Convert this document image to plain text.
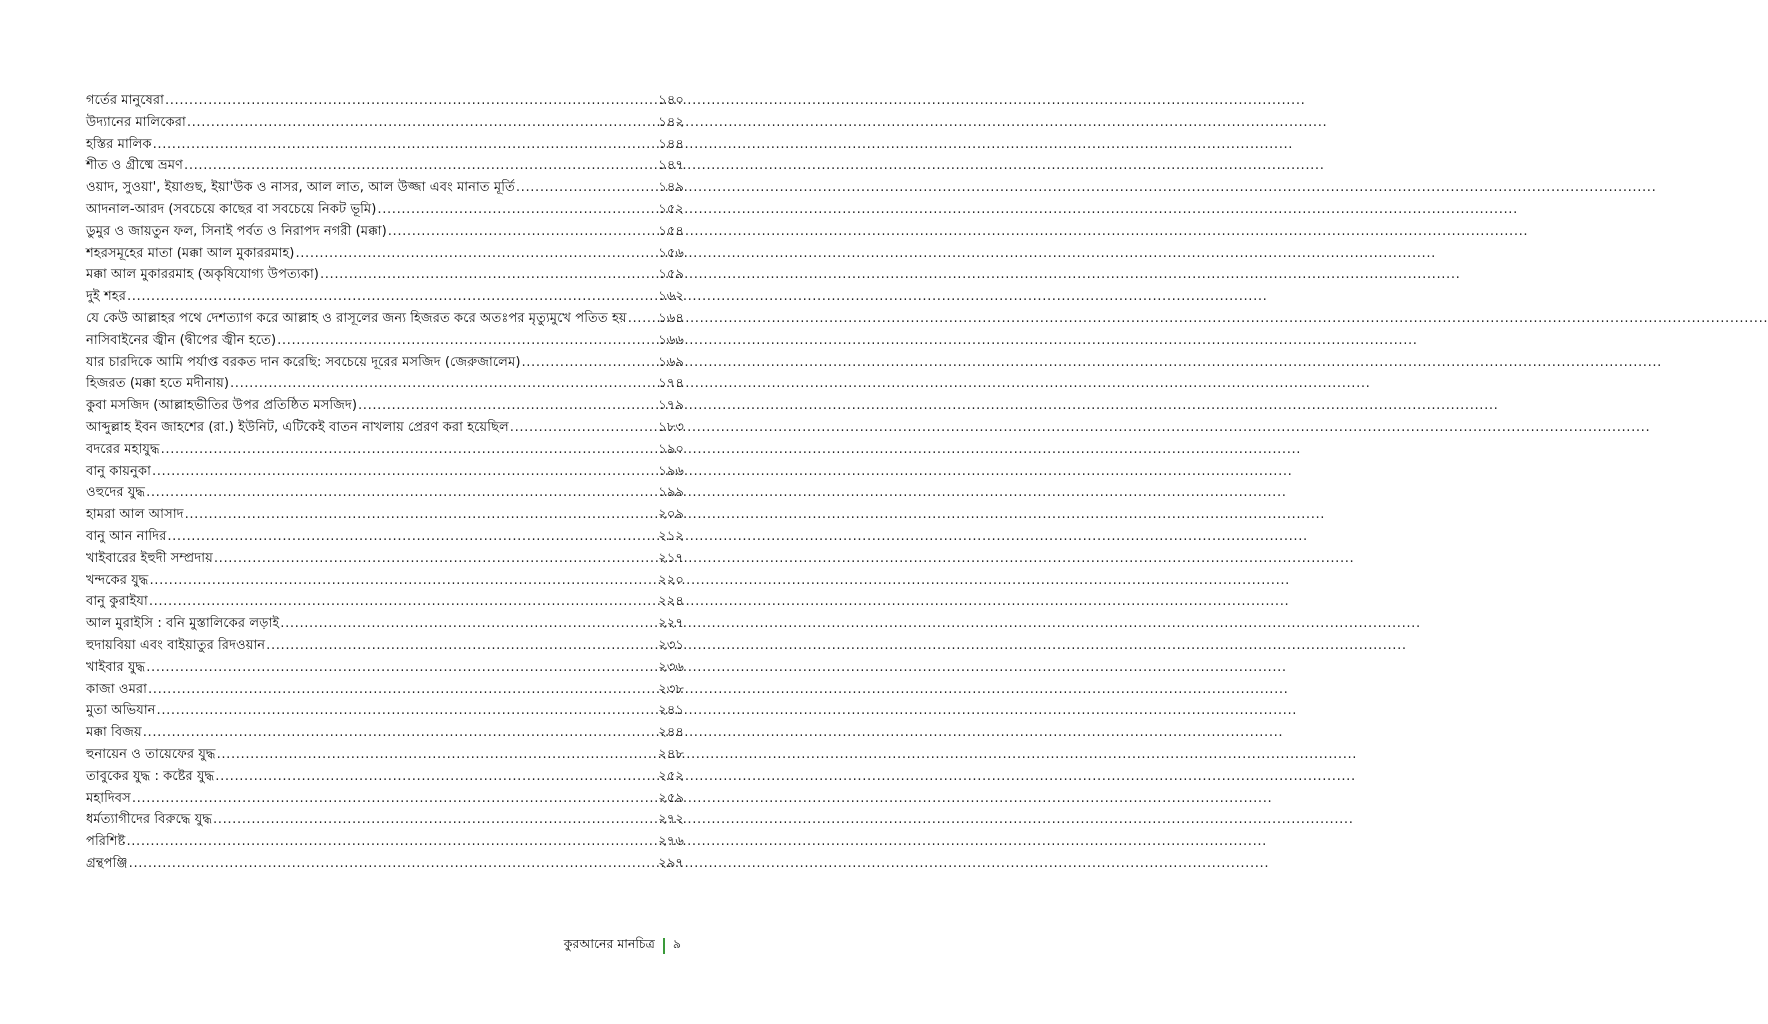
গর্তের মানুষেরা .....	১৪০
উদ্যানের মালিকেরা .....	১৪২
হস্তির মালিক .....	১৪৪
শীত ও গ্রীষ্মে ভ্রমণ .....	১৪৭
ওয়াদ, সুওয়া', ইয়াগুছ, ইয়া'উক ও নাসর, আল লাত, আল উজ্জা এবং মানাত মূর্তি .....	১৪৯
আদনাল-আরদ (সবচেয়ে কাছের বা সবচেয়ে নিকট ভূমি) .....	১৫২
ডুমুর ও জায়তুন ফল, সিনাই পর্বত ও নিরাপদ নগরী (মক্কা) .....	১৫৪
শহরসমূহের মাতা (মক্কা আল মুকাররমাহ) .....	১৫৬
মক্কা আল মুকাররমাহ (অকৃষিযোগ্য উপত্যকা) .....	১৫৯
দুই শহর .....	১৬২
যে কেউ আল্লাহর পথে দেশত্যাগ করে আল্লাহ ও রাসূলের জন্য হিজরত করে অতঃপর মৃত্যুমুখে পতিত হয় ..... ১৬৪
নাসিবাইনের জ্বীন (দ্বীপের জ্বীন হতে) .....	১৬৬
যার চারদিকে আমি পর্যাপ্ত বরকত দান করেছি: সবচেয়ে দূরের মসজিদ (জেরুজালেম) .....	১৬৯
হিজরত (মক্কা হতে মদীনায়) .....	১৭৪
কুবা মসজিদ (আল্লাহভীতির উপর প্রতিষ্ঠিত মসজিদ) .....	১৭৯
আব্দুল্লাহ ইবন জাহশের (রা.) ইউনিট, এটিকেই বাতন নাখলায় প্রেরণ করা হয়েছিল .....	১৮৩
বদরের মহাযুদ্ধ .....	১৯০
বানু কায়নুকা .....	১৯৬
ওহুদের যুদ্ধ .....	১৯৯
হামরা আল আসাদ .....	২০৯
বানু আন নাদির .....	২১২
খাইবারের ইহুদী সম্প্রদায় .....	২১৭
খন্দকের যুদ্ধ .....	২২০
বানু কুরাইযা .....	২২৪
আল মুরাইসি : বনি মুস্তালিকের লড়াই .....	২২৭
হুদায়বিয়া এবং বাইয়াতুর রিদওয়ান .....	২৩১
খাইবার যুদ্ধ .....	২৩৬
কাজা ওমরা .....	২৩৮
মুতা অভিযান .....	২৪১
মক্কা বিজয় .....	২৪৪
হুনায়েন ও তায়েফের যুদ্ধ .....	২৪৮
তাবুকের যুদ্ধ : কষ্টের যুদ্ধ .....	২৫২
মহাদিবস .....	২৫৯
ধর্মত্যাগীদের বিরুদ্ধে যুদ্ধ .....	২৭২
পরিশিষ্ট .....	২৭৬
গ্রন্থপঞ্জি .....	২৯৭
কুরআনের মানচিত্র ৯
